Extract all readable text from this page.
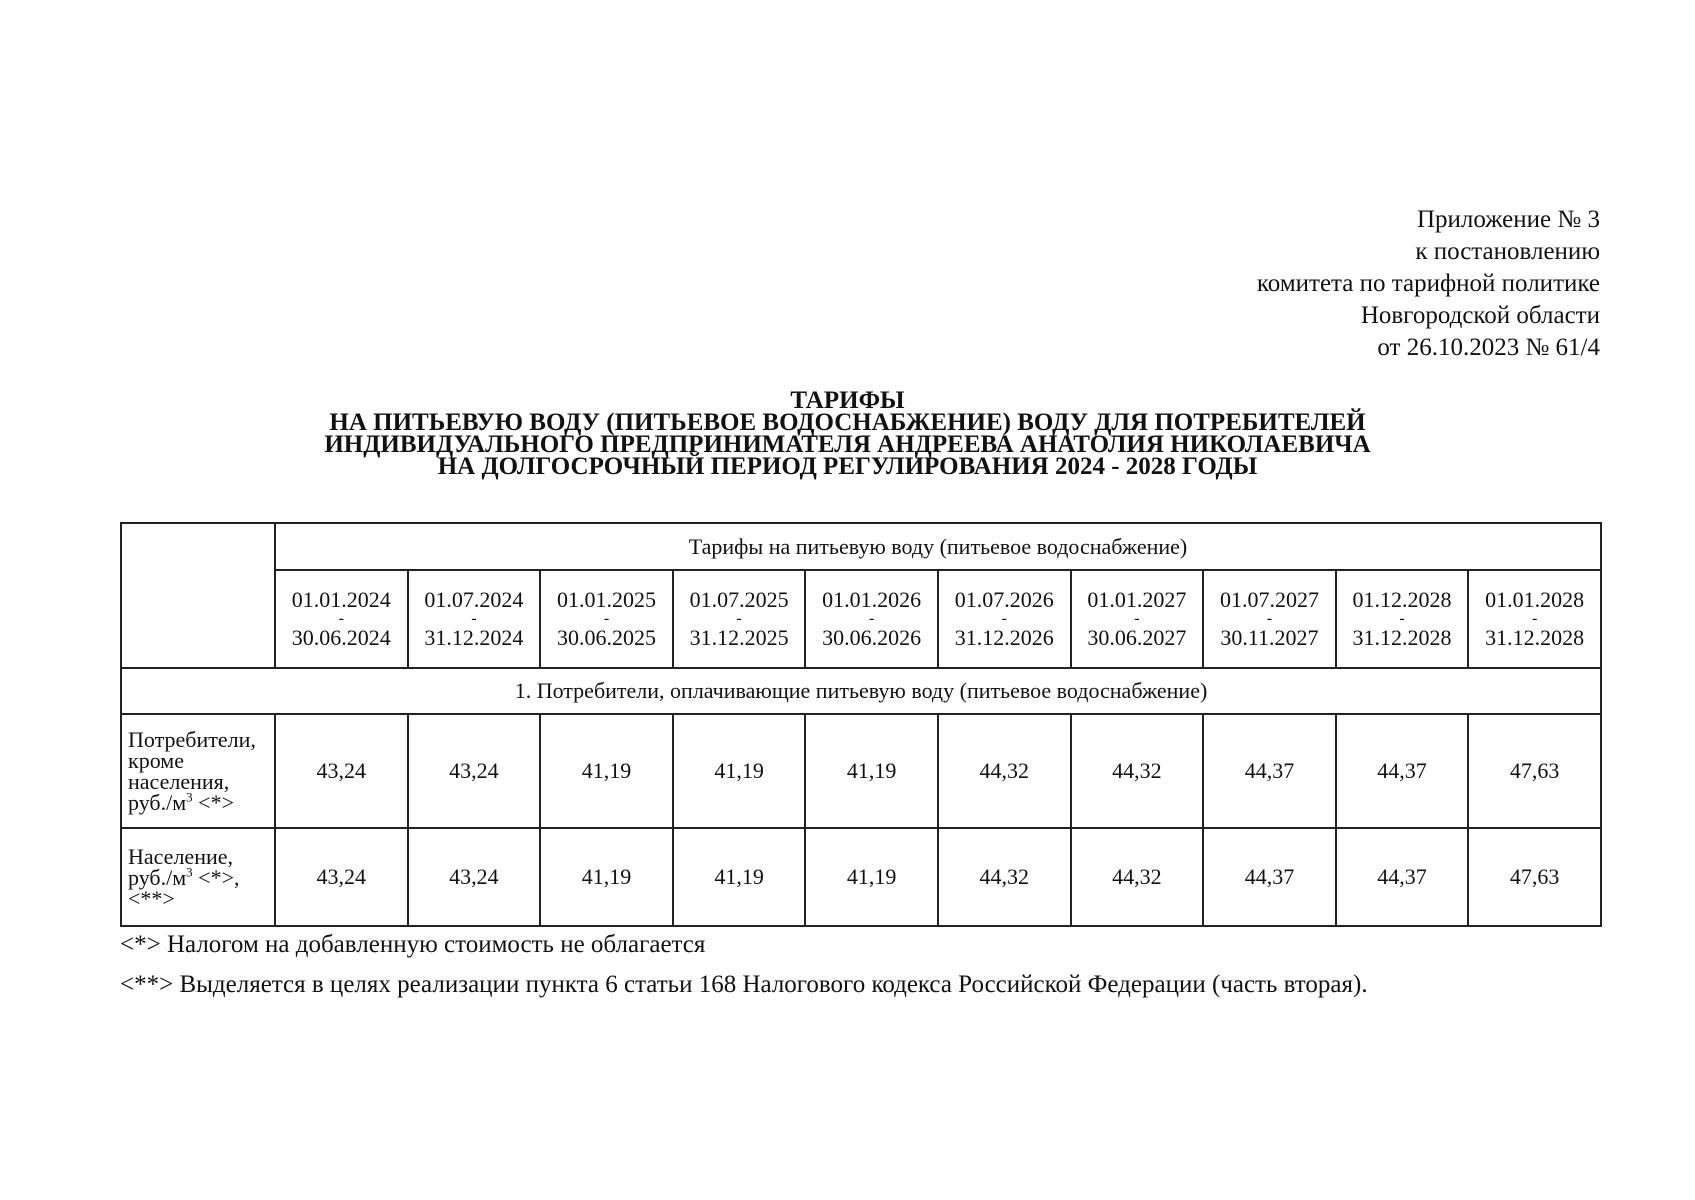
Приложение № 3
к постановлению
комитета по тарифной политике
Новгородской области
от 26.10.2023 № 61/4
ТАРИФЫ
НА ПИТЬЕВУЮ ВОДУ (ПИТЬЕВОЕ ВОДОСНАБЖЕНИЕ) ВОДУ ДЛЯ ПОТРЕБИТЕЛЕЙ
ИНДИВИДУАЛЬНОГО ПРЕДПРИНИМАТЕЛЯ АНДРЕЕВА АНАТОЛИЯ НИКОЛАЕВИЧА
НА ДОЛГОСРОЧНЫЙ ПЕРИОД РЕГУЛИРОВАНИЯ 2024 - 2028 ГОДЫ
	Тарифы на питьевую воду (питьевое водоснабжение)									

	01.01.2024
-
30.06.2024	01.07.2024
-
31.12.2024	01.01.2025
-
30.06.2025	01.07.2025
-
31.12.2025	01.01.2026
-
30.06.2026	01.07.2026
-
31.12.2026	01.01.2027
-
30.06.2027	01.07.2027
-
30.11.2027	01.12.2028
-
31.12.2028	01.01.2028
-
31.12.2028

1. Потребители, оплачивающие питьевую воду (питьевое водоснабжение)										
Потребители,
кроме
населения,
$руб./м^3$ <*>	43,24	43,24	41,19	41,19	41,19	44,32	44,32	44,37	44,37	47,63
Население,
$руб./м^3$ <*>,
<**>	43,24	43,24	41,19	41,19	41,19	44,32	44,32	44,37	44,37	47,63
<*> Налогом на добавленную стоимость не облагается
<**> Выделяется в целях реализации пункта 6 статьи 168 Налогового кодекса Российской Федерации (часть вторая).
